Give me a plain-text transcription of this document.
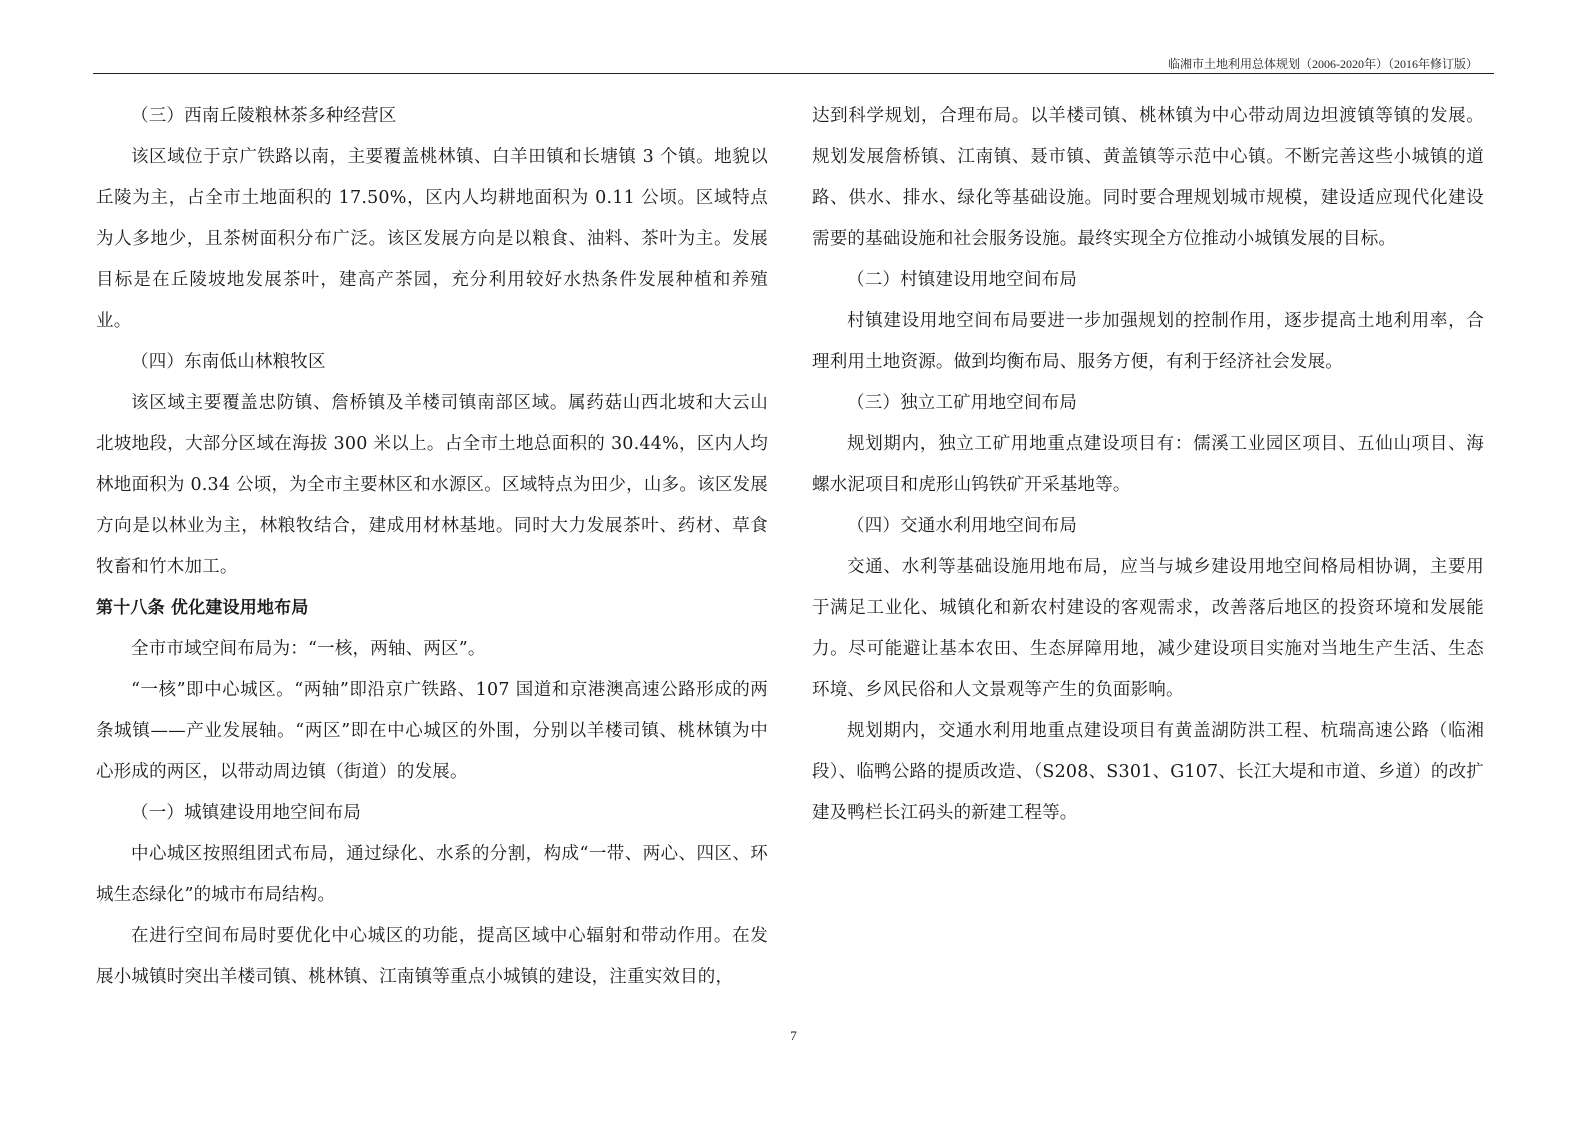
临湘市土地利用总体规划（2006-2020年）（2016年修订版）

（三）西南丘陵粮林茶多种经营区

该区域位于京广铁路以南，主要覆盖桃林镇、白羊田镇和长塘镇 3 个镇。地貌以丘陵为主，占全市土地面积的 17.50%，区内人均耕地面积为 0.11 公顷。区域特点为人多地少，且茶树面积分布广泛。该区发展方向是以粮食、油料、茶叶为主。发展目标是在丘陵坡地发展茶叶，建高产茶园，充分利用较好水热条件发展种植和养殖业。

（四）东南低山林粮牧区

该区域主要覆盖忠防镇、詹桥镇及羊楼司镇南部区域。属药菇山西北坡和大云山北坡地段，大部分区域在海拔 300 米以上。占全市土地总面积的 30.44%，区内人均林地面积为 0.34 公顷，为全市主要林区和水源区。区域特点为田少，山多。该区发展方向是以林业为主，林粮牧结合，建成用材林基地。同时大力发展茶叶、药材、草食牧畜和竹木加工。

第十八条 优化建设用地布局

全市市域空间布局为：“一核，两轴、两区”。

“一核”即中心城区。“两轴”即沿京广铁路、107 国道和京港澳高速公路形成的两条城镇——产业发展轴。“两区”即在中心城区的外围，分别以羊楼司镇、桃林镇为中心形成的两区，以带动周边镇（街道）的发展。

（一）城镇建设用地空间布局

中心城区按照组团式布局，通过绿化、水系的分割，构成“一带、两心、四区、环城生态绿化”的城市布局结构。

在进行空间布局时要优化中心城区的功能，提高区域中心辐射和带动作用。在发展小城镇时突出羊楼司镇、桃林镇、江南镇等重点小城镇的建设，注重实效目的，

达到科学规划，合理布局。以羊楼司镇、桃林镇为中心带动周边坦渡镇等镇的发展。规划发展詹桥镇、江南镇、聂市镇、黄盖镇等示范中心镇。不断完善这些小城镇的道路、供水、排水、绿化等基础设施。同时要合理规划城市规模，建设适应现代化建设需要的基础设施和社会服务设施。最终实现全方位推动小城镇发展的目标。

（二）村镇建设用地空间布局

村镇建设用地空间布局要进一步加强规划的控制作用，逐步提高土地利用率，合理利用土地资源。做到均衡布局、服务方便，有利于经济社会发展。

（三）独立工矿用地空间布局

规划期内，独立工矿用地重点建设项目有：儒溪工业园区项目、五仙山项目、海螺水泥项目和虎形山钨铁矿开采基地等。

（四）交通水利用地空间布局

交通、水利等基础设施用地布局，应当与城乡建设用地空间格局相协调，主要用于满足工业化、城镇化和新农村建设的客观需求，改善落后地区的投资环境和发展能力。尽可能避让基本农田、生态屏障用地，减少建设项目实施对当地生产生活、生态环境、乡风民俗和人文景观等产生的负面影响。

规划期内，交通水利用地重点建设项目有黄盖湖防洪工程、杭瑞高速公路（临湘段）、临鸭公路的提质改造、（S208、S301、G107、长江大堤和市道、乡道）的改扩建及鸭栏长江码头的新建工程等。

7
